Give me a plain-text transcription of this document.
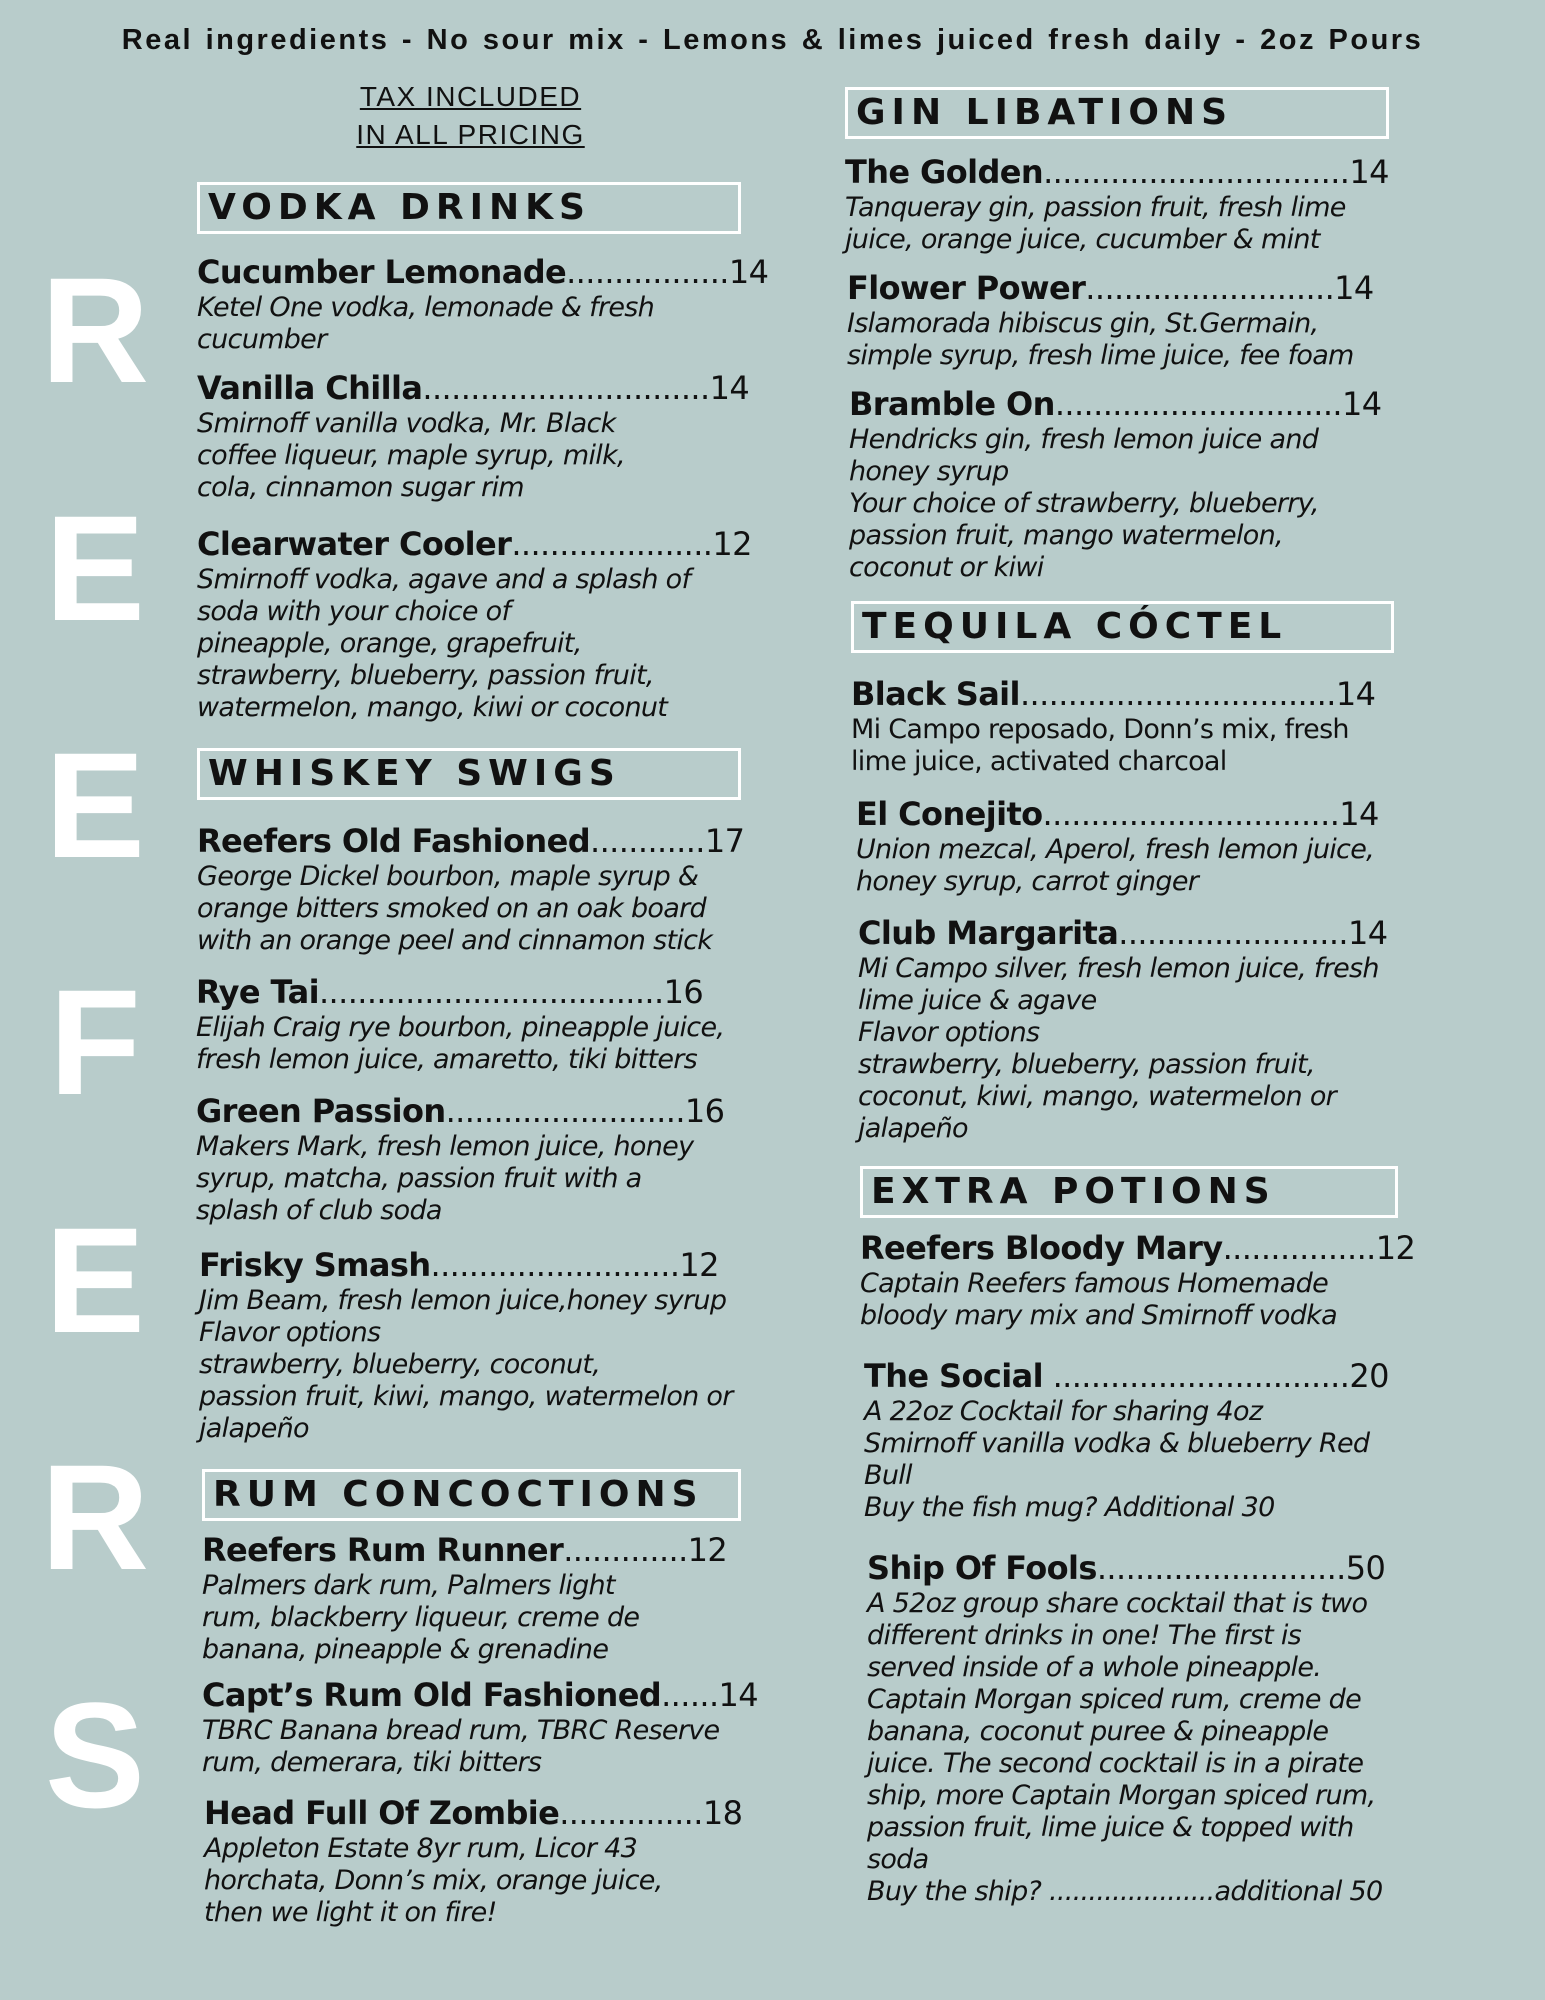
Real ingredients - No sour mix - Lemons & limes juiced fresh daily - 2oz Pours
TAX INCLUDED
IN ALL PRICING
R
E
E
F
E
R
S
VODKA DRINKS
WHISKEY SWIGS
RUM CONCOCTIONS
GIN LIBATIONS
TEQUILA CÓCTEL
EXTRA POTIONS
Cucumber Lemonade.................14
Ketel One vodka, lemonade & fresh
cucumber
Vanilla Chilla..............................14
Smirnoff vanilla vodka, Mr. Black
coffee liqueur, maple syrup, milk,
cola, cinnamon sugar rim
Clearwater Cooler.....................12
Smirnoff vodka, agave and a splash of
soda with your choice of
pineapple, orange, grapefruit,
strawberry, blueberry, passion fruit,
watermelon, mango, kiwi or coconut
Reefers Old Fashioned............17
George Dickel bourbon, maple syrup &
orange bitters smoked on an oak board
with an orange peel and cinnamon stick
Rye Tai....................................16
Elijah Craig rye bourbon, pineapple juice,
fresh lemon juice, amaretto, tiki bitters
Green Passion.........................16
Makers Mark, fresh lemon juice, honey
syrup, matcha, passion fruit with a
splash of club soda
Frisky Smash..........................12
Jim Beam, fresh lemon juice,honey syrup
Flavor options
strawberry, blueberry, coconut,
passion fruit, kiwi, mango, watermelon or
jalapeño
Reefers Rum Runner.............12
Palmers dark rum, Palmers light
rum, blackberry liqueur, creme de
banana, pineapple & grenadine
Capt’s Rum Old Fashioned......14
TBRC Banana bread rum, TBRC Reserve
rum, demerara, tiki bitters
Head Full Of Zombie...............18
Appleton Estate 8yr rum, Licor 43
horchata, Donn’s mix, orange juice,
then we light it on fire!
The Golden................................14
Tanqueray gin, passion fruit, fresh lime
juice, orange juice, cucumber & mint
Flower Power..........................14
Islamorada hibiscus gin, St.Germain,
simple syrup, fresh lime juice, fee foam
Bramble On..............................14
Hendricks gin, fresh lemon juice and
honey syrup
Your choice of strawberry, blueberry,
passion fruit, mango watermelon,
coconut or kiwi
Black Sail.................................14
Mi Campo reposado, Donn’s mix, fresh
lime juice, activated charcoal
El Conejito...............................14
Union mezcal, Aperol, fresh lemon juice,
honey syrup, carrot ginger
Club Margarita........................14
Mi Campo silver, fresh lemon juice, fresh
lime juice & agave
Flavor options
strawberry, blueberry, passion fruit,
coconut, kiwi, mango, watermelon or
jalapeño
Reefers Bloody Mary................12
Captain Reefers famous Homemade
bloody mary mix and Smirnoff vodka
The Social ...............................20
A 22oz Cocktail for sharing 4oz
Smirnoff vanilla vodka & blueberry Red
Bull
Buy the fish mug? Additional 30
Ship Of Fools..........................50
A 52oz group share cocktail that is two
different drinks in one! The first is
served inside of a whole pineapple.
Captain Morgan spiced rum, creme de
banana, coconut puree & pineapple
juice. The second cocktail is in a pirate
ship, more Captain Morgan spiced rum,
passion fruit, lime juice & topped with
soda
Buy the ship? .....................additional 50
